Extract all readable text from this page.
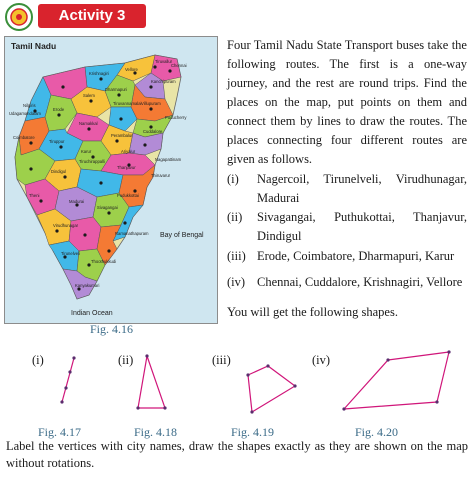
Activity 3
Tamil Nadu
Tiruvallur
Chennai
Vellore
Kanchipuram
Krishnagiri
Dharmapuri
Tiruvannamalai Villupuram
Puducherry
Nilgiris
Udagamandalam
Erode
Salem
Namakkal
Perambalur
Cuddalore
Coimbatore
Tiruppur
Karur
Tiruchirappalli
Ariyalur
Nagapattinam
Thiruvarur
Dindigul
Thanjavur
Pudukkottai
Madurai
Theni
Sivagangai
Virudhunagar
Ramanathapuram
Tirunelveli
Thoothukkudi
Kanyakumari
Bay of Bengal
Indian Ocean
Fig. 4.16
Four Tamil Nadu State Transport buses take the following routes. The first is a one-way journey, and the rest are round trips. Find the places on the map, put points on them and connect them by lines to draw the routes. The places connecting four different routes are given as follows.
(i)	Nagercoil, Tirunelveli, Virudhunagar, Madurai
(ii)	Sivagangai, Puthukottai, Thanjavur, Dindigul
(iii) Erode, Coimbatore, Dharmapuri, Karur
(iv) Chennai, Cuddalore, Krishnagiri, Vellore
You will get the following shapes.
(i)	(ii)	(iii)	(iv)
Fig. 4.17	Fig. 4.18	Fig. 4.19	Fig. 4.20
Label the vertices with city names, draw the shapes exactly as they are shown on the map without rotations.
